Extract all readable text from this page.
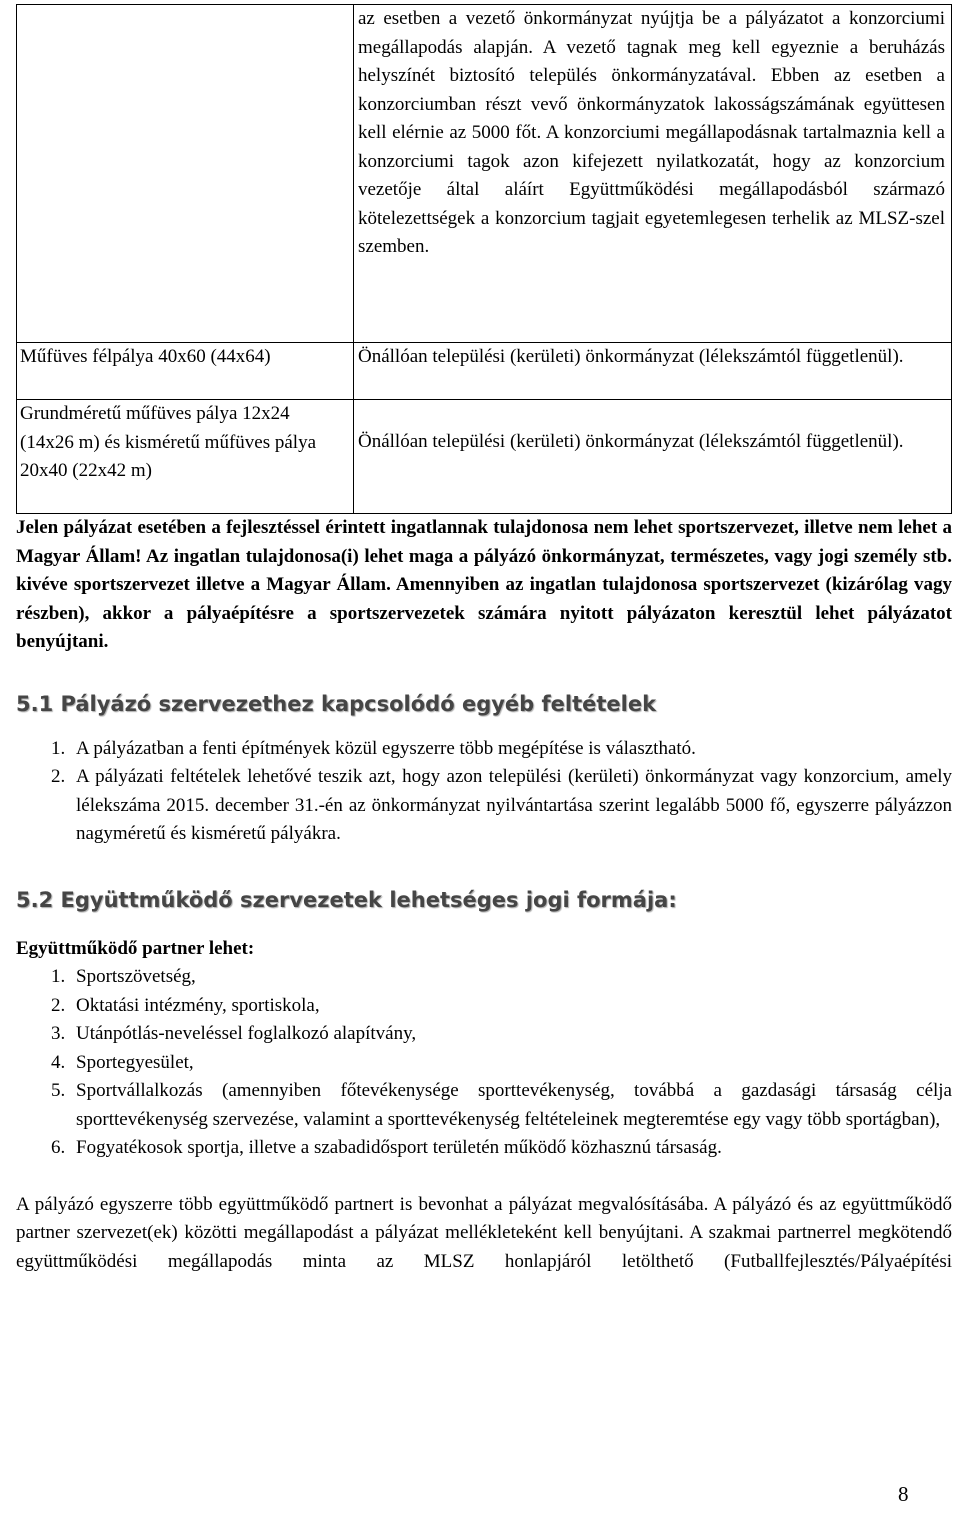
	az esetben a vezető önkormányzat nyújtja be a pályázatot a konzorciumi megállapodás alapján. A vezető tagnak meg kell egyeznie a beruházás helyszínét biztosító település önkormányzatával. Ebben az esetben a konzorciumban részt vevő önkormányzatok lakosságszámának együttesen kell elérnie az 5000 főt. A konzorciumi megállapodásnak tartalmaznia kell a konzorciumi tagok azon kifejezett nyilatkozatát, hogy az konzorcium vezetője által aláírt Együttműködési megállapodásból származó kötelezettségek a konzorcium tagjait egyetemlegesen terhelik az MLSZ-szel szemben.
Műfüves félpálya 40x60 (44x64)	Önállóan települési (kerületi) önkormányzat (lélekszámtól függetlenül).
Grundméretű műfüves pálya 12x24 (14x26 m) és kisméretű műfüves pálya 20x40 (22x42 m)	Önállóan települési (kerületi) önkormányzat (lélekszámtól függetlenül).

Jelen pályázat esetében a fejlesztéssel érintett ingatlannak tulajdonosa nem lehet sportszervezet, illetve nem lehet a Magyar Állam! Az ingatlan tulajdonosa(i) lehet maga a pályázó önkormányzat, természetes, vagy jogi személy stb. kivéve sportszervezet illetve a Magyar Állam. Amennyiben az ingatlan tulajdonosa sportszervezet (kizárólag vagy részben), akkor a pályaépítésre a sportszervezetek számára nyitott pályázaton keresztül lehet pályázatot benyújtani.

5.1 Pályázó szervezethez kapcsolódó egyéb feltételek
1. A pályázatban a fenti építmények közül egyszerre több megépítése is választható.
2. A pályázati feltételek lehetővé teszik azt, hogy azon települési (kerületi) önkormányzat vagy konzorcium, amely lélekszáma 2015. december 31.-én az önkormányzat nyilvántartása szerint legalább 5000 fő, egyszerre pályázzon nagyméretű és kisméretű pályákra.
5.2 Együttműködő szervezetek lehetséges jogi formája:

Együttműködő partner lehet:

1. Sportszövetség,
2. Oktatási intézmény, sportiskola,
3. Utánpótlás-neveléssel foglalkozó alapítvány,
4. Sportegyesület,
5. Sportvállalkozás (amennyiben főtevékenysége sporttevékenység, továbbá a gazdasági társaság célja sporttevékenység szervezése, valamint a sporttevékenység feltételeinek megteremtése egy vagy több sportágban),
6. Fogyatékosok sportja, illetve a szabadidősport területén működő közhasznú társaság.

A pályázó egyszerre több együttműködő partnert is bevonhat a pályázat megvalósításába. A pályázó és az együttműködő partner szervezet(ek) közötti megállapodást a pályázat mellékleteként kell benyújtani. A szakmai partnerrel megkötendő együttműködési megállapodás minta az MLSZ honlapjáról letölthető (Futballfejlesztés/Pályaépítési

8
